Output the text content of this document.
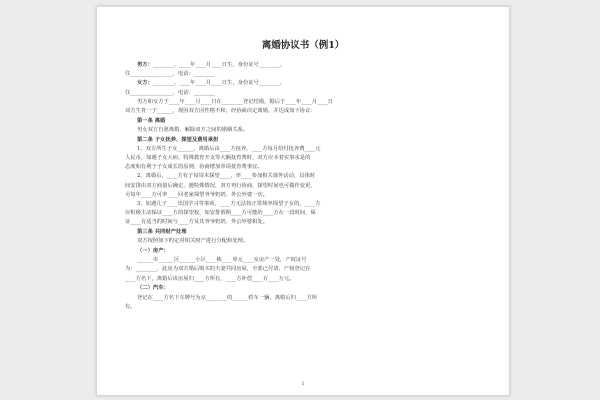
离婚协议书（例1）
男方：________，____年____月____日生，身份证号________，
住________________，电话：________
女方：________，____年____月____日生，身份证号________，
住________________，电话：________
男方和女方于____年____月____日在________登记结婚，婚后于____年____月____日
双方生育一子______，现因双方因性格不和，经协商决定离婚，并达成如下协议：
第一条 离婚
男女双方自愿离婚，解除双方之间的婚姻关系。
第二条 子女抚养、探望及费用承担
1、双方所生子女______，离婚后由____方抚养，____方每月给付抚养费____元
人民币，如遇子女大病、特殊教育开支等大额抚育费时，双方应本着实事求是的
态度和有利于子女成长的原则，协商增加单项抚育费事宜。
2、离婚后，____方有子每周末探望____，率____参加相关课外活动，具体时
间安排由双方商量后确定，遇特殊情况，双方再行协商，探望时间也可做作变更，
另每年____方可率____回老家探望爷爷奶奶、外公外婆一次。
3、如遇儿子____出国学习等事项，____方无法按正常频率探望子女的，____方
应积极主动保证____方的探望权，如安排假期____方可能的____方在一段时间，保
证____有适当的时间与____方及其爷爷奶奶、外公外婆相处。
第三条 共同财产处理
双方按照如下约定对相关财产进行分配和处理。
（一）房产：
______市______区______小区____栋____单元____室房产一处，产权证号
为：________，此房为双方婚后购买的夫妻共同房屋，全部已付清，产权登记在
____方名下，离婚后该房屋归____方所有，____方补偿____方____万元。
（二）汽车：
登记在____方名下车牌号为京________的______轿车一辆，离婚后归____方所
有。
1
